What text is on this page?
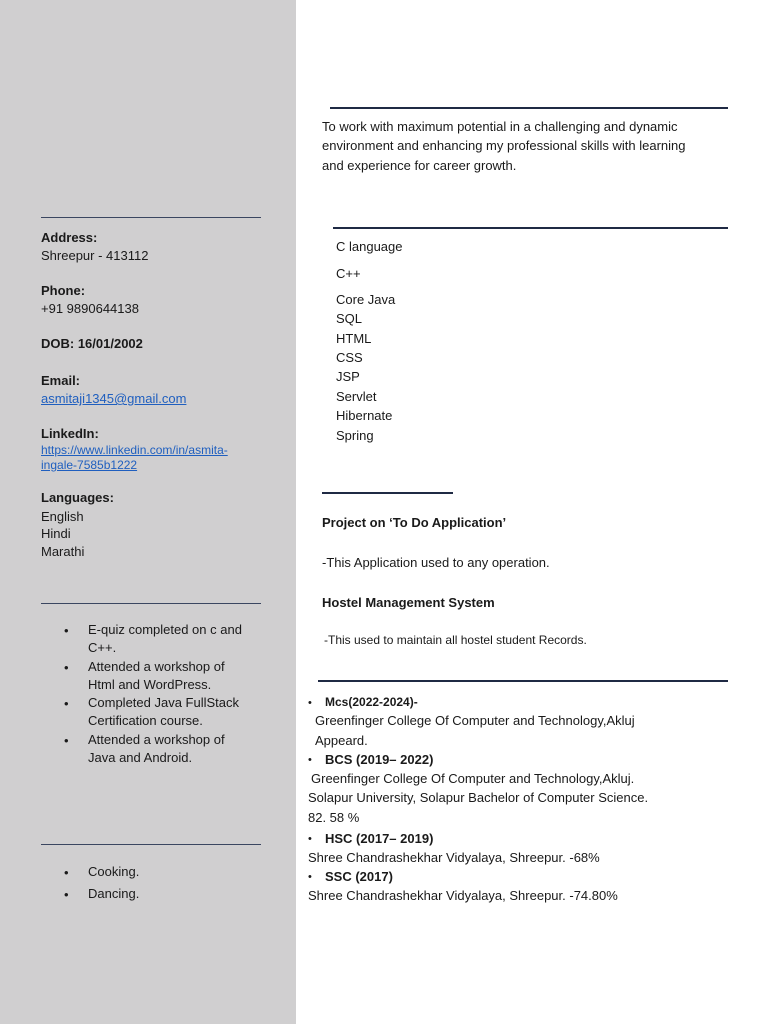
Address:
Shreepur - 413112
Phone:
+91 9890644138
DOB: 16/01/2002
Email:
asmitaji1345@gmail.com
LinkedIn:
https://www.linkedin.com/in/asmita-
ingale-7585b1222
Languages:
English
Hindi
Marathi
• E-quiz completed on c and
C++.
• Attended a workshop of
Html and WordPress.
• Completed Java FullStack
Certification course.
• Attended a workshop of
Java and Android.
• Cooking.
• Dancing.
To work with maximum potential in a challenging and dynamic
environment and enhancing my professional skills with learning
and experience for career growth.
C language
C++
Core Java
SQL
HTML
CSS
JSP
Servlet
Hibernate
Spring
Project on ‘To Do Application’
-This Application used to any operation.
Hostel Management System
-This used to maintain all hostel student Records.
• Mcs(2022-2024)-
Greenfinger College Of Computer and Technology,Akluj
Appeard.
• BCS (2019– 2022)
Greenfinger College Of Computer and Technology,Akluj.
Solapur University, Solapur Bachelor of Computer Science.
82. 58 %
• HSC (2017– 2019)
Shree Chandrashekhar Vidyalaya, Shreepur. -68%
• SSC (2017)
Shree Chandrashekhar Vidyalaya, Shreepur. -74.80%
